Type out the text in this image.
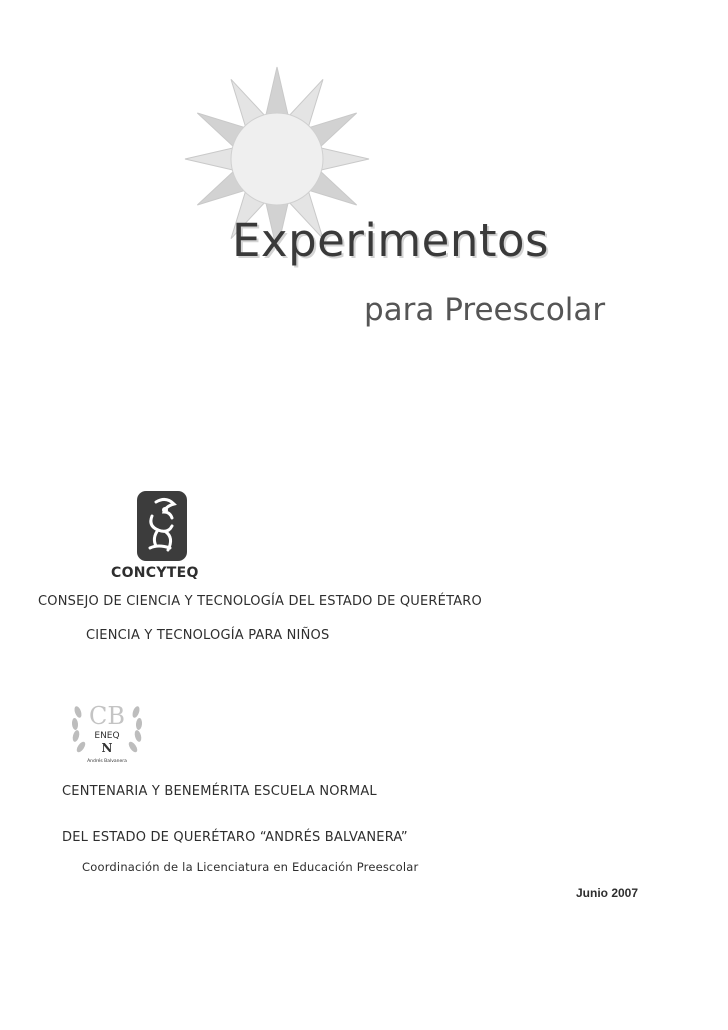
Experimentos
para Preescolar
CONCYTEQ
CONSEJO DE CIENCIA Y TECNOLOGÍA DEL ESTADO DE QUERÉTARO
CIENCIA Y TECNOLOGÍA PARA NIÑOS
CB
ENEQ
N
Andrés Balvanera
CENTENARIA Y BENEMÉRITA ESCUELA NORMAL
DEL ESTADO DE QUERÉTARO “ANDRÉS BALVANERA”
Coordinación de la Licenciatura en Educación Preescolar
Junio 2007
